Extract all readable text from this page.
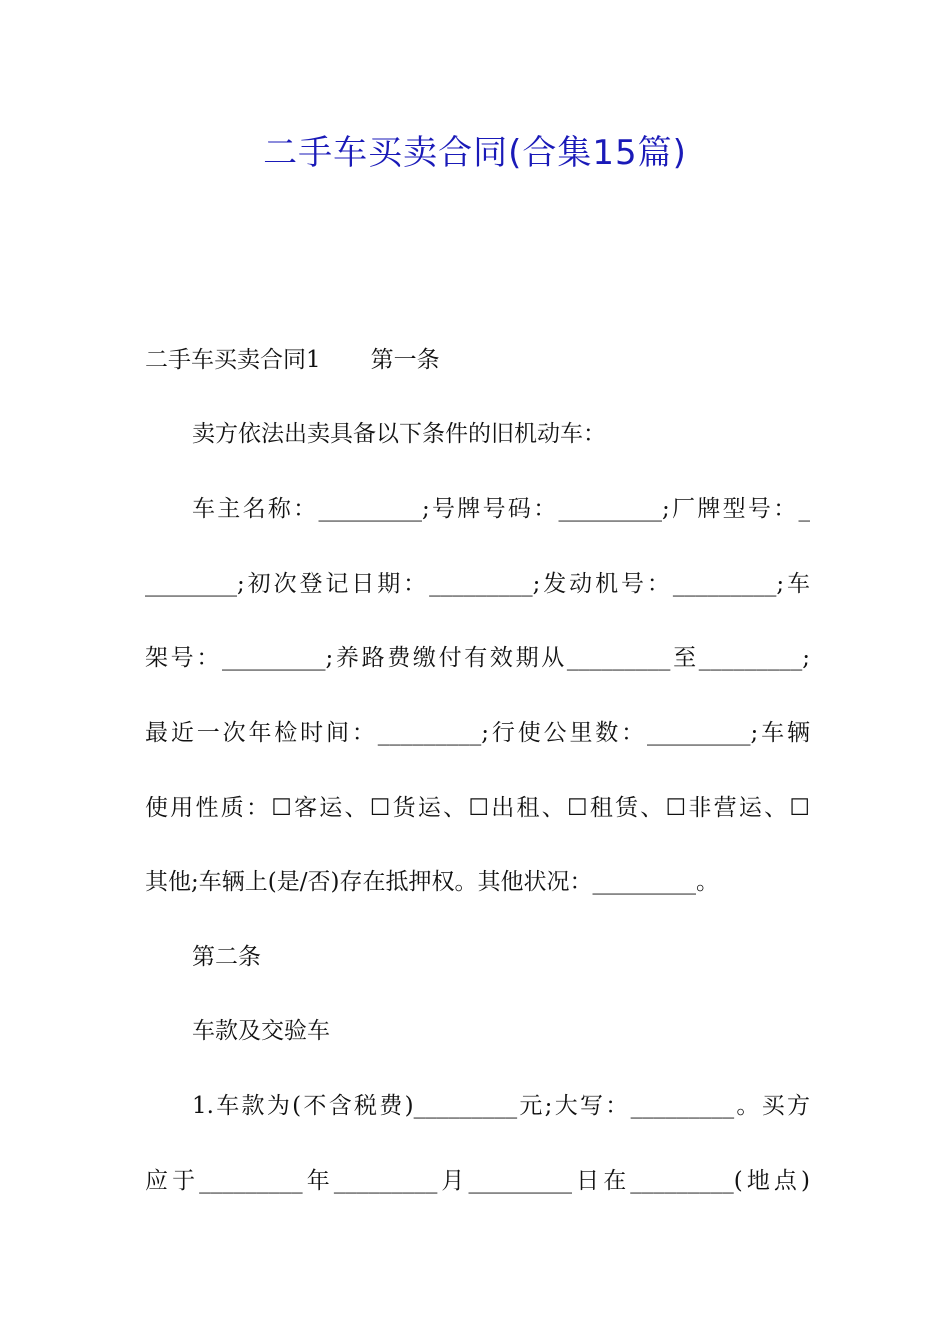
二手车买卖合同(合集15篇)
二手车买卖合同1 第一条
卖方依法出卖具备以下条件的旧机动车：
车主名称：_________;号牌号码：_________;厂牌型号：_
________;初次登记日期：_________;发动机号：_________;车
架号：_________;养路费缴付有效期从_________至_________;
最近一次年检时间：_________;行使公里数：_________;车辆
使用性质：☐客运、☐货运、☐出租、☐租赁、☐非营运、☐
其他;车辆上(是/否)存在抵押权。其他状况：_________。
第二条
车款及交验车
1.车款为(不含税费)_________元;大写：_________。买方
应于_________年_________月_________日在_________(地点)
